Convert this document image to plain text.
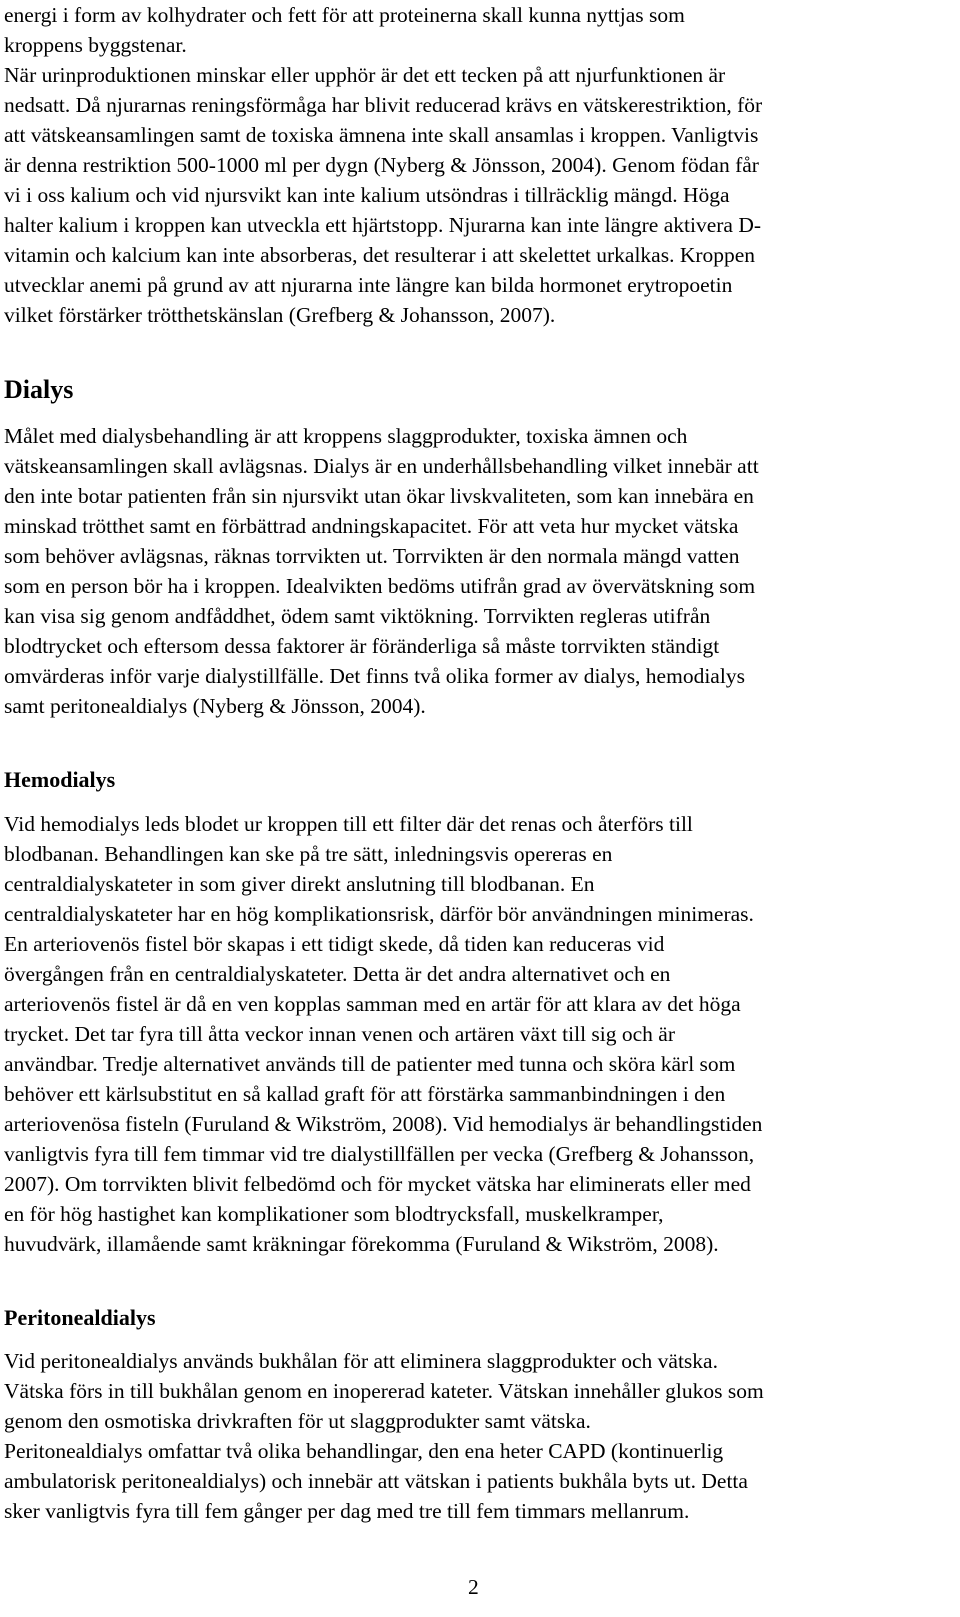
energi i form av kolhydrater och fett för att proteinerna skall kunna nyttjas som
kroppens byggstenar.
När urinproduktionen minskar eller upphör är det ett tecken på att njurfunktionen är
nedsatt. Då njurarnas reningsförmåga har blivit reducerad krävs en vätskerestriktion, för
att vätskeansamlingen samt de toxiska ämnena inte skall ansamlas i kroppen. Vanligtvis
är denna restriktion 500-1000 ml per dygn (Nyberg & Jönsson, 2004). Genom födan får
vi i oss kalium och vid njursvikt kan inte kalium utsöndras i tillräcklig mängd. Höga
halter kalium i kroppen kan utveckla ett hjärtstopp. Njurarna kan inte längre aktivera D-
vitamin och kalcium kan inte absorberas, det resulterar i att skelettet urkalkas. Kroppen
utvecklar anemi på grund av att njurarna inte längre kan bilda hormonet erytropoetin
vilket förstärker trötthetskänslan (Grefberg & Johansson, 2007).
Dialys
Målet med dialysbehandling är att kroppens slaggprodukter, toxiska ämnen och
vätskeansamlingen skall avlägsnas. Dialys är en underhållsbehandling vilket innebär att
den inte botar patienten från sin njursvikt utan ökar livskvaliteten, som kan innebära en
minskad trötthet samt en förbättrad andningskapacitet. För att veta hur mycket vätska
som behöver avlägsnas, räknas torrvikten ut. Torrvikten är den normala mängd vatten
som en person bör ha i kroppen. Idealvikten bedöms utifrån grad av övervätskning som
kan visa sig genom andfåddhet, ödem samt viktökning. Torrvikten regleras utifrån
blodtrycket och eftersom dessa faktorer är föränderliga så måste torrvikten ständigt
omvärderas inför varje dialystillfälle. Det finns två olika former av dialys, hemodialys
samt peritonealdialys (Nyberg & Jönsson, 2004).
Hemodialys
Vid hemodialys leds blodet ur kroppen till ett filter där det renas och återförs till
blodbanan. Behandlingen kan ske på tre sätt, inledningsvis opereras en
centraldialyskateter in som giver direkt anslutning till blodbanan. En
centraldialyskateter har en hög komplikationsrisk, därför bör användningen minimeras.
En arteriovenös fistel bör skapas i ett tidigt skede, då tiden kan reduceras vid
övergången från en centraldialyskateter. Detta är det andra alternativet och en
arteriovenös fistel är då en ven kopplas samman med en artär för att klara av det höga
trycket. Det tar fyra till åtta veckor innan venen och artären växt till sig och är
användbar. Tredje alternativet används till de patienter med tunna och sköra kärl som
behöver ett kärlsubstitut en så kallad graft för att förstärka sammanbindningen i den
arteriovenösa fisteln (Furuland & Wikström, 2008). Vid hemodialys är behandlingstiden
vanligtvis fyra till fem timmar vid tre dialystillfällen per vecka (Grefberg & Johansson,
2007). Om torrvikten blivit felbedömd och för mycket vätska har eliminerats eller med
en för hög hastighet kan komplikationer som blodtrycksfall, muskelkramper,
huvudvärk, illamående samt kräkningar förekomma (Furuland & Wikström, 2008).
Peritonealdialys
Vid peritonealdialys används bukhålan för att eliminera slaggprodukter och vätska.
Vätska förs in till bukhålan genom en inopererad kateter. Vätskan innehåller glukos som
genom den osmotiska drivkraften för ut slaggprodukter samt vätska.
Peritonealdialys omfattar två olika behandlingar, den ena heter CAPD (kontinuerlig
ambulatorisk peritonealdialys) och innebär att vätskan i patients bukhåla byts ut. Detta
sker vanligtvis fyra till fem gånger per dag med tre till fem timmars mellanrum.
2
